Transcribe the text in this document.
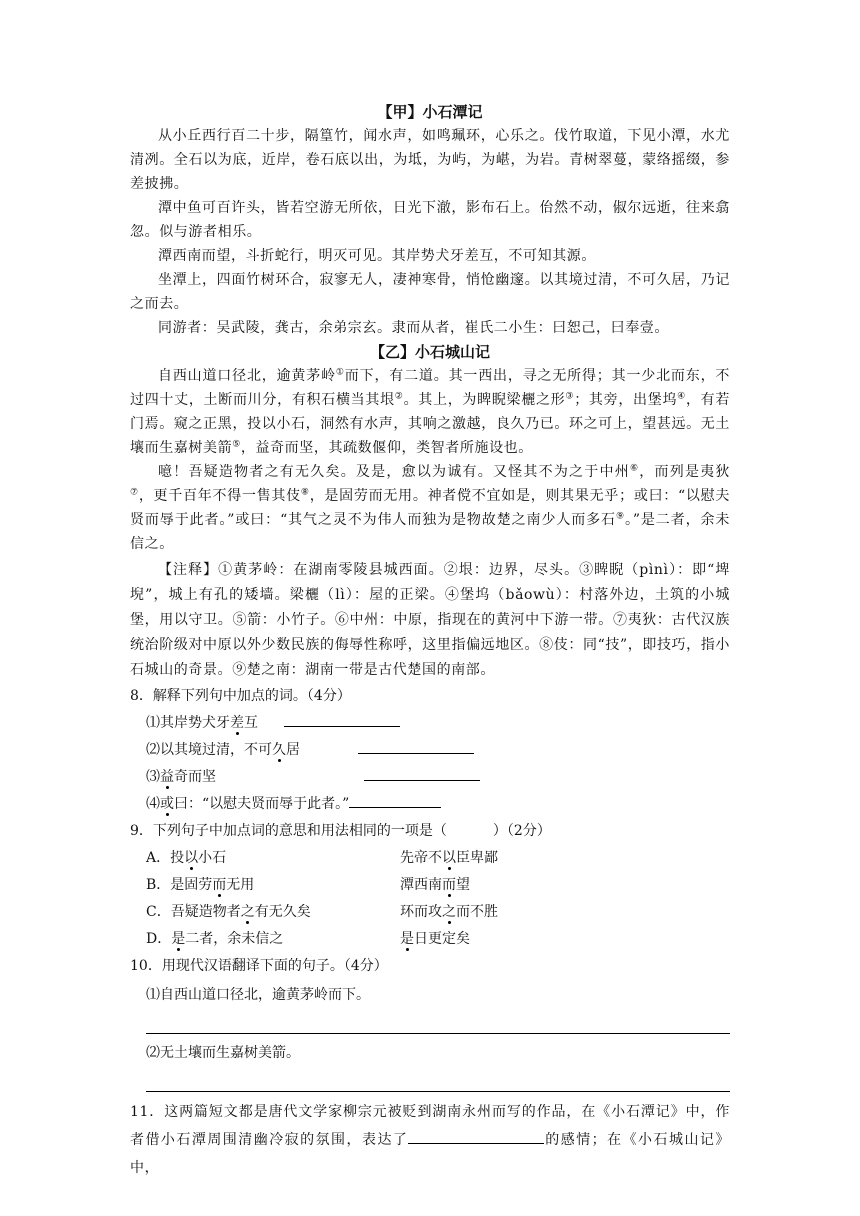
【甲】小石潭记

从小丘西行百二十步，隔篁竹，闻水声，如鸣珮环，心乐之。伐竹取道，下见小潭，水尤清冽。全石以为底，近岸，卷石底以出，为坻，为屿，为嵁，为岩。青树翠蔓，蒙络摇缀，参差披拂。

潭中鱼可百许头，皆若空游无所依，日光下澈，影布石上。佁然不动，俶尔远逝，往来翕忽。似与游者相乐。

潭西南而望，斗折蛇行，明灭可见。其岸势犬牙差互，不可知其源。

坐潭上，四面竹树环合，寂寥无人，凄神寒骨，悄怆幽邃。以其境过清，不可久居，乃记之而去。

同游者：吴武陵，龚古，余弟宗玄。隶而从者，崔氏二小生：曰恕己，曰奉壹。

【乙】小石城山记

自西山道口径北，逾黄茅岭①而下，有二道。其一西出，寻之无所得；其一少北而东，不过四十丈，土断而川分，有积石横当其垠②。其上，为睥睨梁欐之形③；其旁，出堡坞④，有若门焉。窥之正黑，投以小石，洞然有水声，其响之激越，良久乃已。环之可上，望甚远。无土壤而生嘉树美箭⑤，益奇而坚，其疏数偃仰，类智者所施设也。

噫！吾疑造物者之有无久矣。及是，愈以为诚有。又怪其不为之于中州⑥，而列是夷狄⑦，更千百年不得一售其伎⑧，是固劳而无用。神者傥不宜如是，则其果无乎；或曰：“以慰夫贤而辱于此者。”或曰：“其气之灵不为伟人而独为是物故楚之南少人而多石⑨。”是二者，余未信之。

【注释】①黄茅岭：在湖南零陵县城西面。②垠：边界，尽头。③睥睨（pìnì）：即“埤堄”，城上有孔的矮墙。梁欐（lì）：屋的正梁。④堡坞（bǎowù）：村落外边，土筑的小城堡，用以守卫。⑤箭：小竹子。⑥中州：中原，指现在的黄河中下游一带。⑦夷狄：古代汉族统治阶级对中原以外少数民族的侮辱性称呼，这里指偏远地区。⑧伎：同“技”，即技巧，指小石城山的奇景。⑨楚之南：湖南一带是古代楚国的南部。

8．解释下列句中加点的词。（4分）

⑴其岸势犬牙差互

⑵以其境过清，不可久居

⑶益奇而坚

⑷或曰：“以慰夫贤而辱于此者。”

9．下列句子中加点词的意思和用法相同的一项是（	）（2分）

A．投以小石	先帝不以臣卑鄙
B．是固劳而无用	潭西南而望
C．吾疑造物者之有无久矣	环而攻之而不胜
D．是二者，余未信之	是日更定矣

10．用现代汉语翻译下面的句子。（4分）

⑴自西山道口径北，逾黄茅岭而下。

⑵无土壤而生嘉树美箭。

11．这两篇短文都是唐代文学家柳宗元被贬到湖南永州而写的作品，在《小石潭记》中，作者借小石潭周围清幽冷寂的氛围，表达了	的感情；在《小石城山记》中，
